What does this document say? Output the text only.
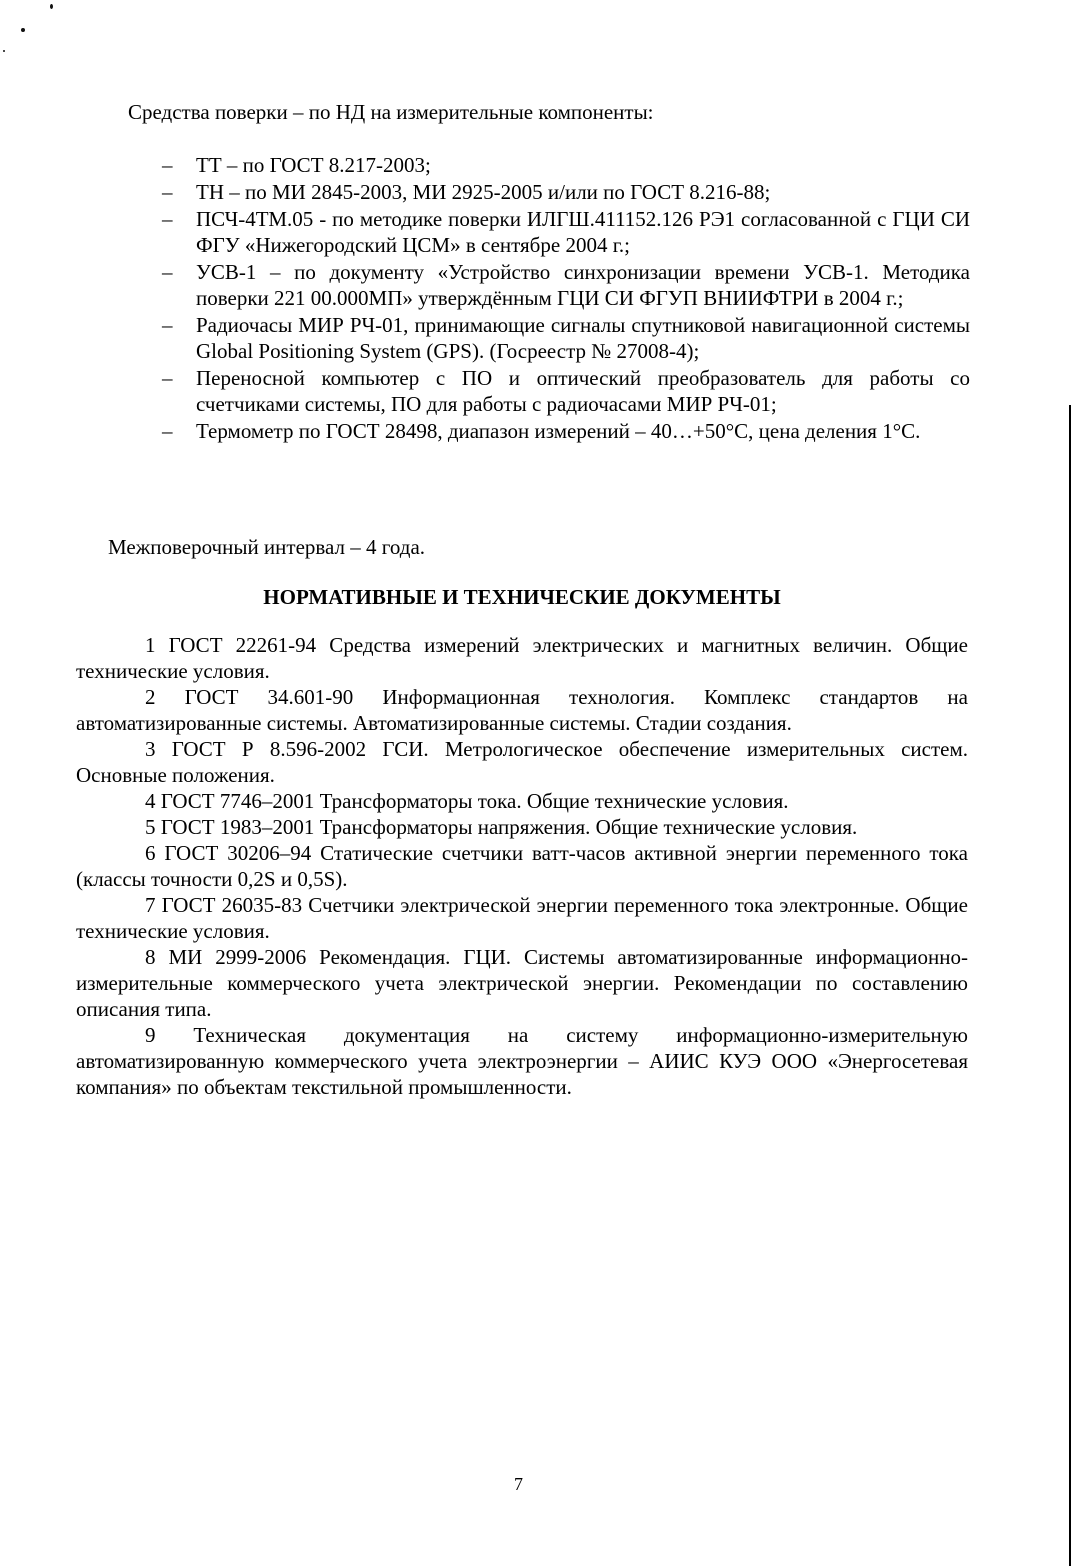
Средства поверки – по НД на измерительные компоненты:
– ТТ – по ГОСТ 8.217-2003;
– ТН – по МИ 2845-2003, МИ 2925-2005 и/или по ГОСТ 8.216-88;
– ПСЧ-4ТМ.05 - по методике поверки ИЛГШ.411152.126 РЭ1 согласованной с ГЦИ СИ ФГУ «Нижегородский ЦСМ» в сентябре 2004 г.;
– УСВ-1 – по документу «Устройство синхронизации времени УСВ-1. Методика поверки 221 00.000МП» утверждённым ГЦИ СИ ФГУП ВНИИФТРИ в 2004 г.;
– Радиочасы МИР РЧ-01, принимающие сигналы спутниковой навигационной системы Global Positioning System (GPS). (Госреестр № 27008-4);
– Переносной компьютер с ПО и оптический преобразователь для работы со счетчиками системы, ПО для работы с радиочасами МИР РЧ-01;
– Термометр по ГОСТ 28498, диапазон измерений – 40…+50°С, цена деления 1°С.
Межповерочный интервал – 4 года.
НОРМАТИВНЫЕ И ТЕХНИЧЕСКИЕ ДОКУМЕНТЫ

1 ГОСТ 22261-94 Средства измерений электрических и магнитных величин. Общие технические условия.

2 ГОСТ 34.601-90 Информационная технология. Комплекс стандартов на автоматизированные системы. Автоматизированные системы. Стадии создания.

3 ГОСТ Р 8.596-2002 ГСИ. Метрологическое обеспечение измерительных систем. Основные положения.

4 ГОСТ 7746–2001 Трансформаторы тока. Общие технические условия.

5 ГОСТ 1983–2001 Трансформаторы напряжения. Общие технические условия.

6 ГОСТ 30206–94 Статические счетчики ватт-часов активной энергии переменного тока (классы точности 0,2S и 0,5S).

7 ГОСТ 26035-83 Счетчики электрической энергии переменного тока электронные. Общие технические условия.

8 МИ 2999-2006 Рекомендация. ГЦИ. Системы автоматизированные информационно-измерительные коммерческого учета электрической энергии. Рекомендации по составлению описания типа.

9 Техническая документация на систему информационно-измерительную автоматизированную коммерческого учета электроэнергии – АИИС КУЭ ООО «Энергосетевая компания» по объектам текстильной промышленности.

7
